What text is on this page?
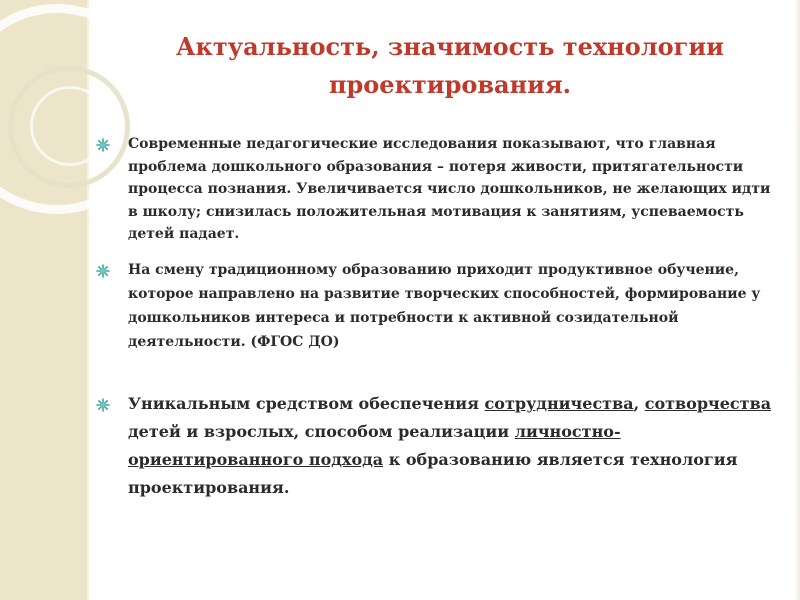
Актуальность, значимость технологии проектирования.
Современные педагогические исследования показывают, что главная проблема дошкольного образования – потеря живости, притягательности процесса познания. Увеличивается число дошкольников, не желающих идти в школу; снизилась положительная мотивация к занятиям, успеваемость детей падает.
На смену традиционному образованию приходит продуктивное обучение, которое направлено на развитие творческих способностей, формирование у дошкольников интереса и потребности к активной созидательной деятельности. (ФГОС ДО)
Уникальным средством обеспечения сотрудничества, сотворчества детей и взрослых, способом реализации личностно-ориентированного подхода к образованию является технология проектирования.
